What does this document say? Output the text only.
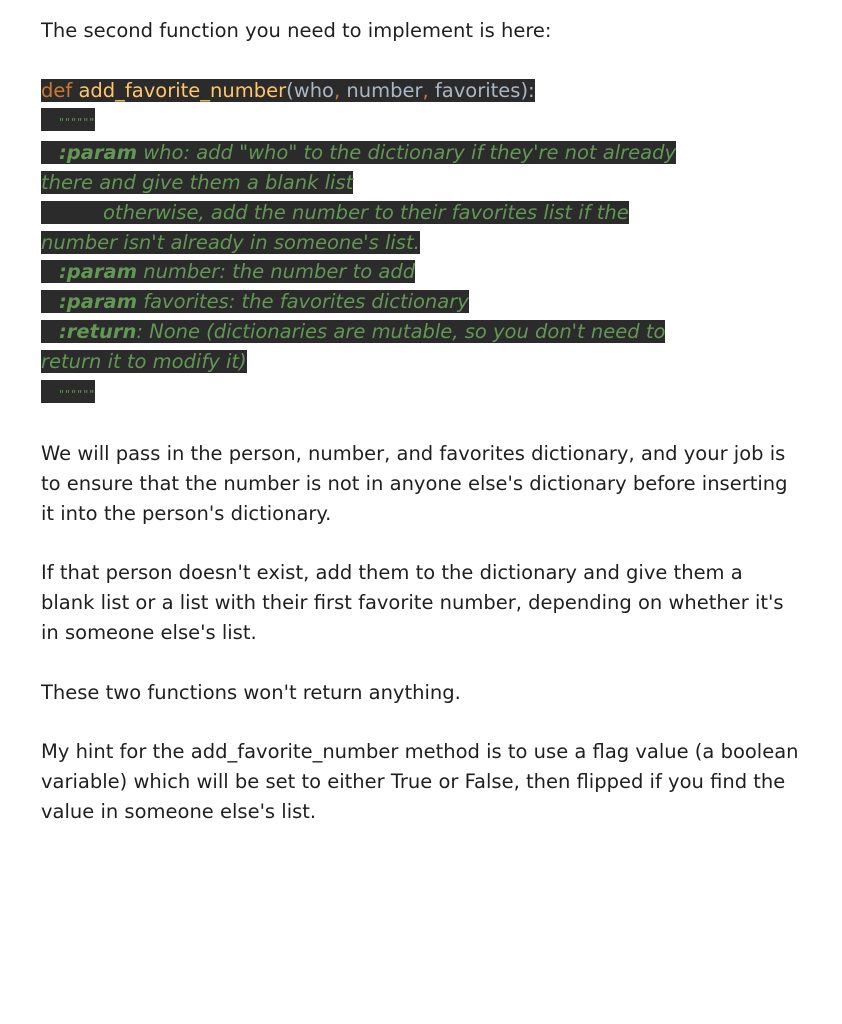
The second function you need to implement is here:

def add_favorite_number(who, number, favorites):
""""""
:param who: add "who" to the dictionary if they're not already
there and give them a blank list
otherwise, add the number to their favorites list if the
number isn't already in someone's list.
:param number: the number to add
:param favorites: the favorites dictionary
:return: None (dictionaries are mutable, so you don't need to
return it to modify it)
""""""

We will pass in the person, number, and favorites dictionary, and your job is to ensure that the number is not in anyone else's dictionary before inserting it into the person's dictionary.

If that person doesn't exist, add them to the dictionary and give them a blank list or a list with their first favorite number, depending on whether it's in someone else's list.

These two functions won't return anything.

My hint for the add_favorite_number method is to use a flag value (a boolean variable) which will be set to either True or False, then flipped if you find the value in someone else's list.
